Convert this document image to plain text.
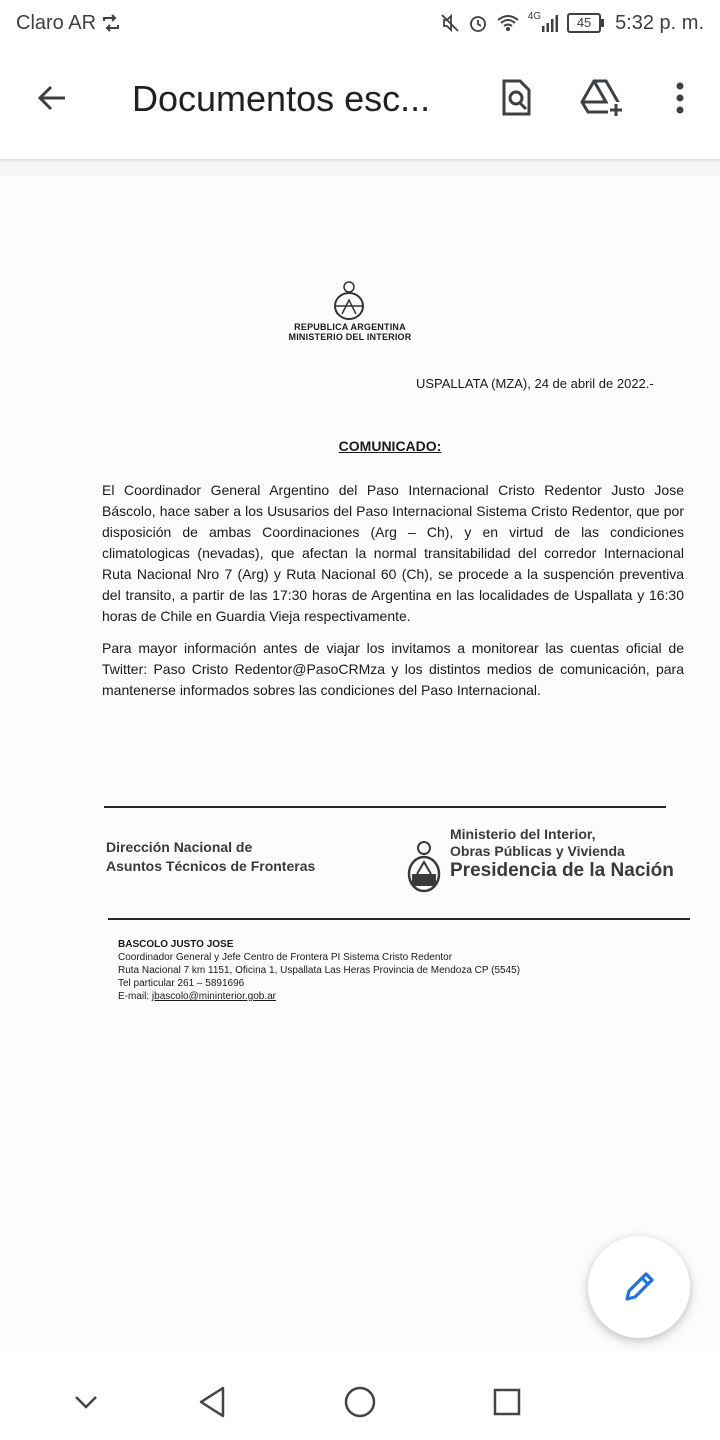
Claro AR	4G	45	5:32 p. m.
Documentos esc...
REPUBLICA ARGENTINA
MINISTERIO DEL INTERIOR
USPALLATA (MZA), 24 de abril de 2022.-
COMUNICADO:
El Coordinador General Argentino del Paso Internacional Cristo Redentor Justo Jose Báscolo, hace saber a los Ususarios del Paso Internacional Sistema Cristo Redentor, que por disposición de ambas Coordinaciones (Arg – Ch), y en virtud de las condiciones climatologicas (nevadas), que afectan la normal transitabilidad del corredor Internacional Ruta Nacional Nro 7 (Arg) y Ruta Nacional 60 (Ch), se procede a la suspención preventiva del transito, a partir de las 17:30 horas de Argentina en las localidades de Uspallata y 16:30 horas de Chile en Guardia Vieja respectivamente.
Para mayor información antes de viajar los invitamos a monitorear las cuentas oficial de Twitter: Paso Cristo Redentor@PasoCRMza y los distintos medios de comunicación, para mantenerse informados sobres las condiciones del Paso Internacional.
Dirección Nacional de
Asuntos Técnicos de Fronteras
Ministerio del Interior,
Obras Públicas y Vivienda
Presidencia de la Nación
BASCOLO JUSTO JOSE
Coordinador General y Jefe Centro de Frontera PI Sistema Cristo Redentor
Ruta Nacional 7 km 1151, Oficina 1, Uspallata Las Heras Provincia de Mendoza CP (5545)
Tel particular 261 – 5891696
E-mail: jbascolo@mininterior.gob.ar
